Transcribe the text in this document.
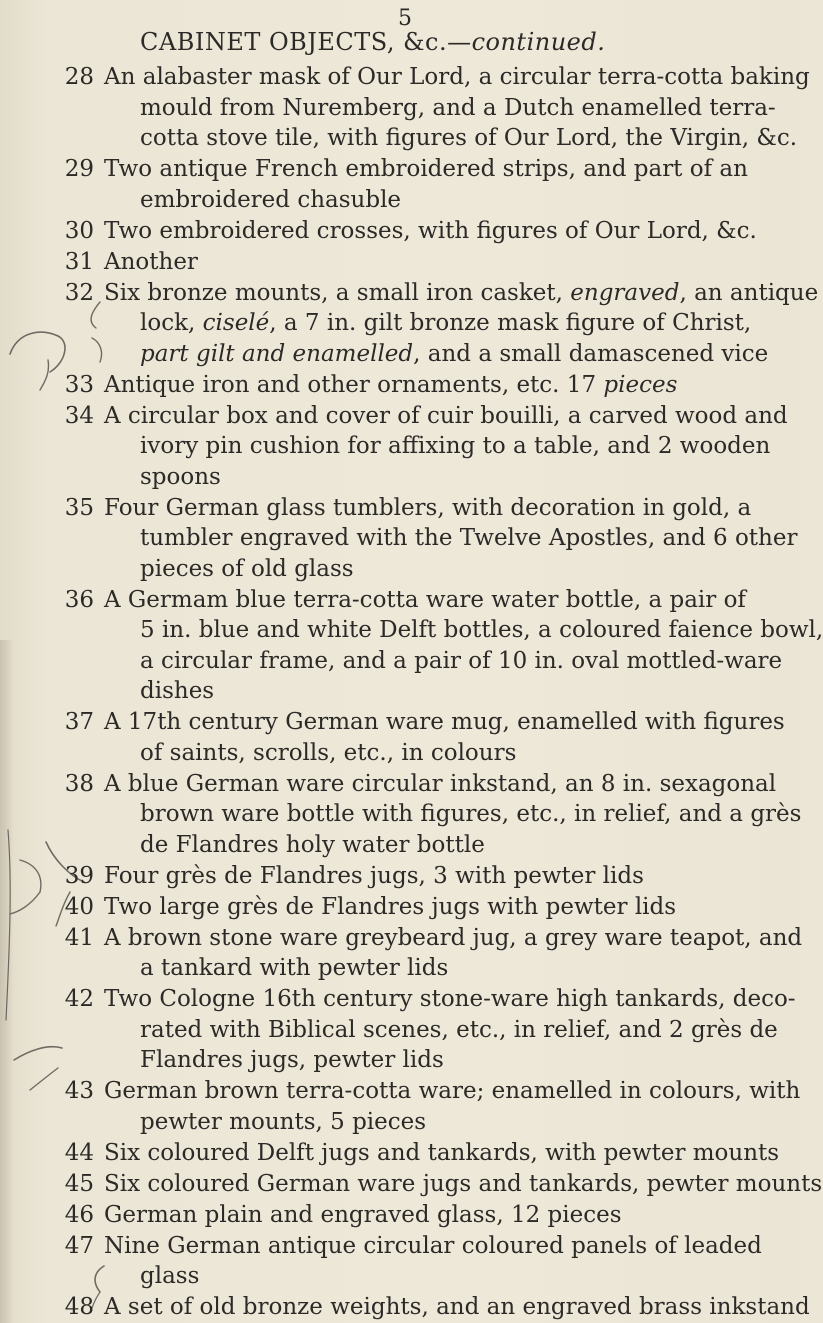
5
CABINET OBJECTS, &c.—continued.
28 An alabaster mask of Our Lord, a circular terra-cotta baking
mould from Nuremberg, and a Dutch enamelled terra-
cotta stove tile, with figures of Our Lord, the Virgin, &c.
29 Two antique French embroidered strips, and part of an
embroidered chasuble
30 Two embroidered crosses, with figures of Our Lord, &c.
31 Another
32 Six bronze mounts, a small iron casket, engraved, an antique
lock, ciselé, a 7 in. gilt bronze mask figure of Christ,
part gilt and enamelled, and a small damascened vice
33 Antique iron and other ornaments, etc. 17 pieces
34 A circular box and cover of cuir bouilli, a carved wood and
ivory pin cushion for affixing to a table, and 2 wooden
spoons
35 Four German glass tumblers, with decoration in gold, a
tumbler engraved with the Twelve Apostles, and 6 other
pieces of old glass
36 A Germam blue terra-cotta ware water bottle, a pair of
5 in. blue and white Delft bottles, a coloured faience bowl,
a circular frame, and a pair of 10 in. oval mottled-ware
dishes
37 A 17th century German ware mug, enamelled with figures
of saints, scrolls, etc., in colours
38 A blue German ware circular inkstand, an 8 in. sexagonal
brown ware bottle with figures, etc., in relief, and a grès
de Flandres holy water bottle
39 Four grès de Flandres jugs, 3 with pewter lids
40 Two large grès de Flandres jugs with pewter lids
41 A brown stone ware greybeard jug, a grey ware teapot, and
a tankard with pewter lids
42 Two Cologne 16th century stone-ware high tankards, deco-
rated with Biblical scenes, etc., in relief, and 2 grès de
Flandres jugs, pewter lids
43 German brown terra-cotta ware; enamelled in colours, with
pewter mounts, 5 pieces
44 Six coloured Delft jugs and tankards, with pewter mounts
45 Six coloured German ware jugs and tankards, pewter mounts
46 German plain and engraved glass, 12 pieces
47 Nine German antique circular coloured panels of leaded
glass
48 A set of old bronze weights, and an engraved brass inkstand
